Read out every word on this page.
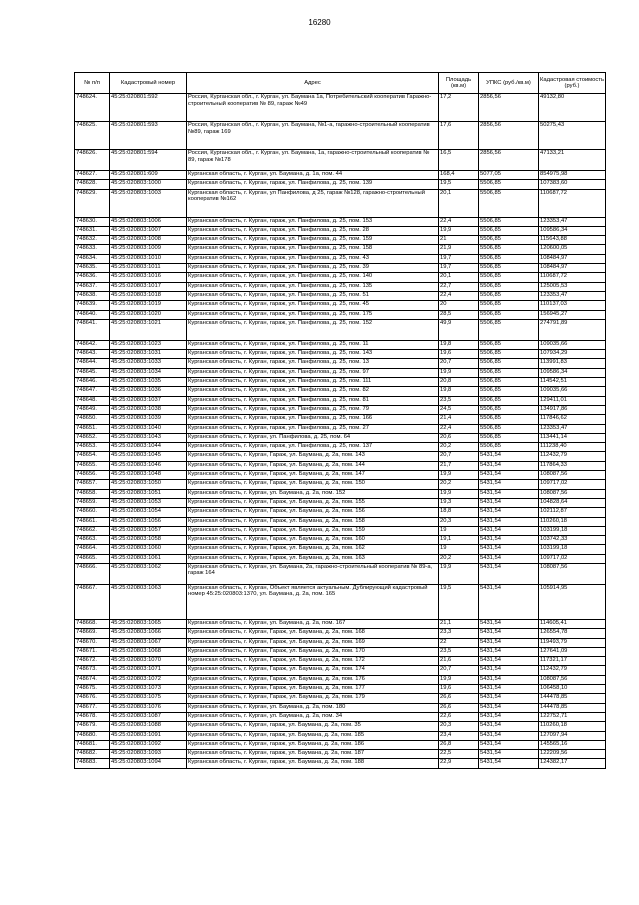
16280
№ п/п	Кадастровый номер	Адрес	Площадь (кв.м)	УПКС (руб./кв.м)	Кадастровая стоимость (руб.)
748624.	45:25:020801:592	Россия, Курганская обл., г. Курган, ул. Баумана 1а, Потребительский кооператив Гаражно-строительный кооператив № 89, гараж №49	17,2	2856,56	49132,80
748625.	45:25:020801:593	Россия, Курганская обл., г. Курган, ул. Баумана, №1-а, гаражно-строительный кооператив №89, гараж 169	17,6	2856,56	50275,43
748626.	45:25:020801:594	Россия, Курганская обл., г. Курган, ул. Баумана, 1а, гаражно-строительный кооператив № 89, гараж №178	16,5	2856,56	47133,21
748627.	45:25:020801:609	Курганская область, г. Курган, ул. Баумана, д. 1а, пом. 44	168,4	5077,05	854975,98
748628.	45:25:020803:1000	Курганская область, г. Курган, гараж, ул. Панфилова, д. 25, пом. 139	19,5	5506,85	107383,60
748629.	45:25:020803:1003	Курганская область, г. Курган, ул Панфилова, д 25, гараж №128, гаражно-строительный кооператив №162	20,1	5506,85	110687,72
748630.	45:25:020803:1006	Курганская область, г. Курган, гараж, ул. Панфилова, д. 25, пом. 153	22,4	5506,85	123353,47
748631.	45:25:020803:1007	Курганская область, г. Курган, гараж, ул. Панфилова, д. 25, пом. 28	19,9	5506,85	109586,34
748632.	45:25:020803:1008	Курганская область, г. Курган, гараж, ул. Панфилова, д. 25, пом. 159	21	5506,85	115643,88
748633.	45:25:020803:1009	Курганская область, г. Курган, гараж, ул. Панфилова, д. 25, пом. 158	21,9	5506,85	120600,05
748634.	45:25:020803:1010	Курганская область, г. Курган, гараж, ул. Панфилова, д. 25, пом. 43	19,7	5506,85	108484,97
748635.	45:25:020803:1011	Курганская область, г. Курган, гараж, ул. Панфилова, д. 25, пом. 39	19,7	5506,85	108484,97
748636.	45:25:020803:1016	Курганская область, г. Курган, гараж, ул. Панфилова, д. 25, пом. 140	20,1	5506,85	110687,72
748637.	45:25:020803:1017	Курганская область, г. Курган, гараж, ул. Панфилова, д. 25, пом. 135	22,7	5506,85	125005,53
748638.	45:25:020803:1018	Курганская область, г. Курган, гараж, ул. Панфилова, д. 25, пом. 51	22,4	5506,85	123353,47
748639.	45:25:020803:1019	Курганская область, г. Курган, гараж, ул. Панфилова, д. 25, пом. 45	20	5506,85	110137,03
748640.	45:25:020803:1020	Курганская область, г. Курган, гараж, ул. Панфилова, д. 25, пом. 175	28,5	5506,85	156945,27
748641.	45:25:020803:1021	Курганская область, г. Курган, гараж, ул. Панфилова, д. 25, пом. 152	49,9	5506,85	274791,89
748642.	45:25:020803:1023	Курганская область, г. Курган, гараж, ул. Панфилова, д. 25, пом. 11	19,8	5506,85	109035,66
748643.	45:25:020803:1031	Курганская область, г. Курган, гараж, ул. Панфилова, д. 25, пом. 143	19,6	5506,85	107934,29
748644.	45:25:020803:1033	Курганская область, г. Курган, гараж, ул. Панфилова, д. 25, пом. 13	20,7	5506,85	113991,83
748645.	45:25:020803:1034	Курганская область, г. Курган, гараж, ул. Панфилова, д. 25, пом. 97	19,9	5506,85	109586,34
748646.	45:25:020803:1035	Курганская область, г. Курган, гараж, ул. Панфилова, д. 25, пом. 111	20,8	5506,85	114542,51
748647.	45:25:020803:1036	Курганская область, г. Курган, гараж, ул. Панфилова, д. 25, пом. 82	19,8	5506,85	109035,66
748648.	45:25:020803:1037	Курганская область, г. Курган, гараж, ул. Панфилова, д. 25, пом. 81	23,5	5506,85	129411,01
748649.	45:25:020803:1038	Курганская область, г. Курган, гараж, ул. Панфилова, д. 25, пом. 79	24,5	5506,85	134917,86
748650.	45:25:020803:1039	Курганская область, г. Курган, гараж, ул. Панфилова, д. 25, пом. 166	21,4	5506,85	117846,62
748651.	45:25:020803:1040	Курганская область, г. Курган, гараж, ул. Панфилова, д. 25, пом. 27	22,4	5506,85	123353,47
748652.	45:25:020803:1043	Курганская область, г. Курган, ул. Панфилова, д. 25, пом. 64	20,6	5506,85	113441,14
748653.	45:25:020803:1044	Курганская область, г. Курган, гараж, ул. Панфилова, д. 25, пом. 137	20,2	5506,85	111238,40
748654.	45:25:020803:1045	Курганская область, г. Курган, Гараж, ул. Баумана, д. 2а, пом. 143	20,7	5431,54	112432,79
748655.	45:25:020803:1046	Курганская область, г. Курган, Гараж, ул. Баумана, д. 2а, пом. 144	21,7	5431,54	117864,33
748656.	45:25:020803:1048	Курганская область, г. Курган, Гараж, ул. Баумана, д. 2а, пом. 147	19,9	5431,54	108087,56
748657.	45:25:020803:1050	Курганская область, г. Курган, Гараж, ул. Баумана, д. 2а, пом. 150	20,2	5431,54	109717,02
748658.	45:25:020803:1051	Курганская область, г. Курган, ул. Баумана, д. 2а, пом. 152	19,9	5431,54	108087,56
748659.	45:25:020803:1053	Курганская область, г. Курган, Гараж, ул. Баумана, д. 2а, пом. 155	19,3	5431,54	104828,64
748660.	45:25:020803:1054	Курганская область, г. Курган, Гараж, ул. Баумана, д. 2а, пом. 156	18,8	5431,54	102112,87
748661.	45:25:020803:1056	Курганская область, г. Курган, Гараж, ул. Баумана, д. 2а, пом. 158	20,3	5431,54	110260,18
748662.	45:25:020803:1057	Курганская область, г. Курган, Гараж, ул. Баумана, д. 2а, пом. 159	19	5431,54	103199,18
748663.	45:25:020803:1058	Курганская область, г. Курган, Гараж, ул. Баумана, д. 2а, пом. 160	19,1	5431,54	103742,33
748664.	45:25:020803:1060	Курганская область, г. Курган, Гараж, ул. Баумана, д. 2а, пом. 162	19	5431,54	103199,18
748665.	45:25:020803:1061	Курганская область, г. Курган, Гараж, ул. Баумана, д. 2а, пом. 163	20,2	5431,54	109717,02
748666.	45:25:020803:1062	Курганская область, г. Курган, ул. Баумана, 2а, гаражно-строительный кооператив № 89-а, гараж 164	19,9	5431,54	108087,56
748667.	45:25:020803:1063	Курганская область, г. Курган, Объект является актуальным. Дублирующий кадастровый номер 45:25:020803:1370, ул. Баумана, д. 2а, пом. 165	19,5	5431,54	105914,95
748668.	45:25:020803:1065	Курганская область, г. Курган, ул. Баумана, д. 2а, пом. 167	21,1	5431,54	114605,41
748669.	45:25:020803:1066	Курганская область, г. Курган, Гараж, ул. Баумана, д. 2а, пом. 168	23,3	5431,54	126554,78
748670.	45:25:020803:1067	Курганская область, г. Курган, Гараж, ул. Баумана, д. 2а, пом. 169	22	5431,54	119493,79
748671.	45:25:020803:1068	Курганская область, г. Курган, Гараж, ул. Баумана, д. 2а, пом. 170	23,5	5431,54	127641,09
748672.	45:25:020803:1070	Курганская область, г. Курган, Гараж, ул. Баумана, д. 2а, пом. 172	21,6	5431,54	117321,17
748673.	45:25:020803:1071	Курганская область, г. Курган, Гараж, ул. Баумана, д. 2а, пом. 174	20,7	5431,54	112432,79
748674.	45:25:020803:1072	Курганская область, г. Курган, Гараж, ул. Баумана, д. 2а, пом. 176	19,9	5431,54	108087,56
748675.	45:25:020803:1073	Курганская область, г. Курган, Гараж, ул. Баумана, д. 2а, пом. 177	19,6	5431,54	106458,10
748676.	45:25:020803:1075	Курганская область, г. Курган, Гараж, ул. Баумана, д. 2а, пом. 179	26,6	5431,54	144478,85
748677.	45:25:020803:1076	Курганская область, г. Курган, ул. Баумана, д. 2а, пом. 180	26,6	5431,54	144478,85
748678.	45:25:020803:1087	Курганская область, г. Курган, ул. Баумана, д. 2а, пом. 34	22,6	5431,54	122752,71
748679.	45:25:020803:1088	Курганская область, г. Курган, гараж, ул. Баумана, д. 2а, пом. 35	20,3	5431,54	110260,18
748680.	45:25:020803:1091	Курганская область, г. Курган, гараж, ул. Баумана, д. 2а, пом. 185	23,4	5431,54	127097,94
748681.	45:25:020803:1092	Курганская область, г. Курган, гараж, ул. Баумана, д. 2а, пом. 186	26,8	5431,54	145565,16
748682.	45:25:020803:1093	Курганская область, г. Курган, гараж, ул. Баумана, д. 2а, пом. 187	22,5	5431,54	122209,56
748683.	45:25:020803:1094	Курганская область, г. Курган, гараж, ул. Баумана, д. 2а, пом. 188	22,9	5431,54	124382,17
